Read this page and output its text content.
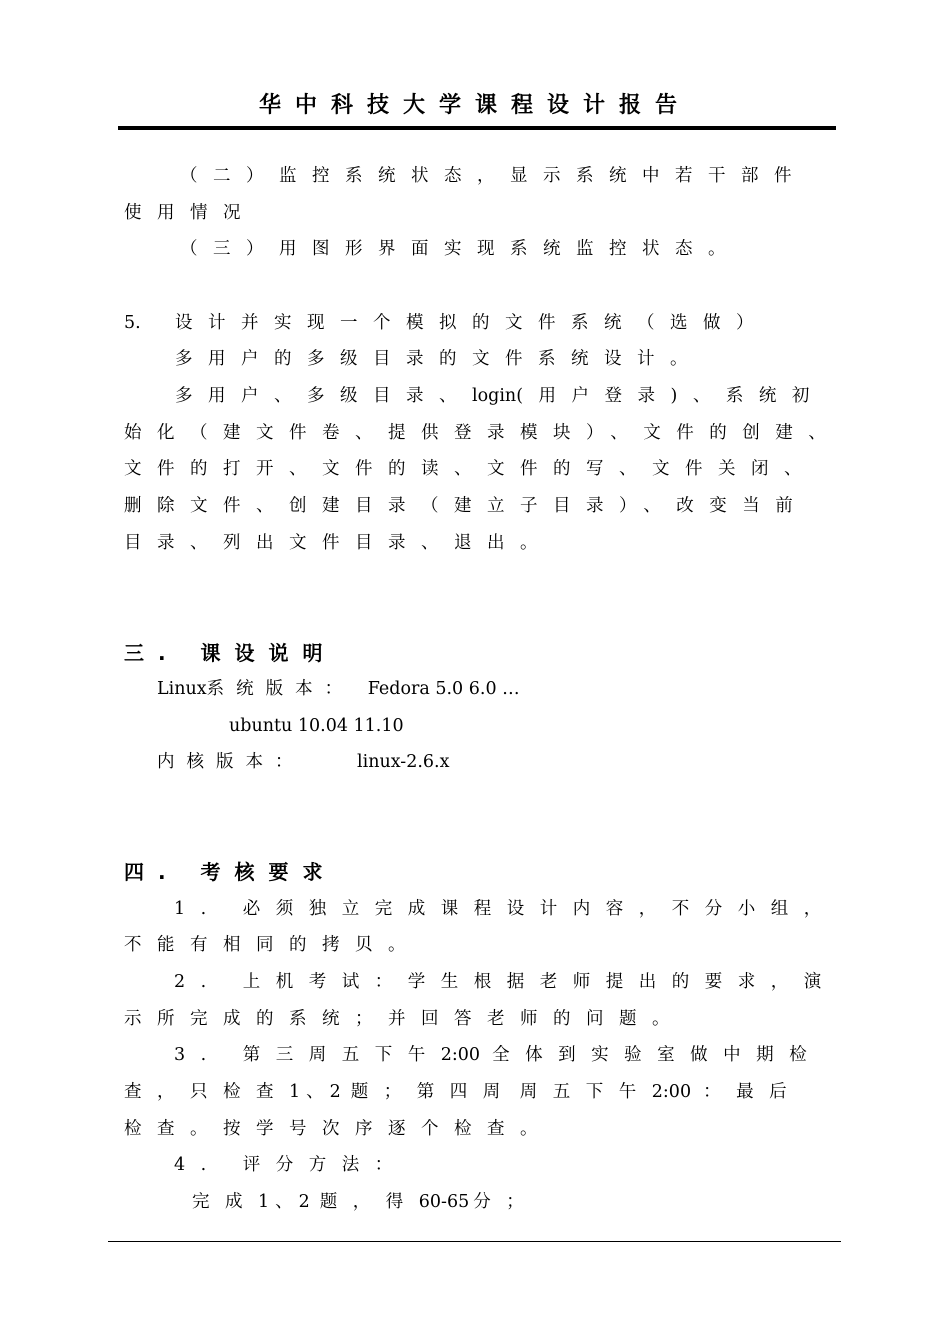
华中科技大学课程设计报告
（二）监控系统状态，显示系统中若干部件
使用情况
（三）用图形界面实现系统监控状态。
5. 设计并实现一个模拟的文件系统（选做）
多用户的多级目录的文件系统设计。
多用户、多级目录、login(用户登录)、系统初
始化（建文件卷、提供登录模块）、文件的创建、
文件的打开、文件的读、文件的写、文件关闭、
删除文件、创建目录（建立子目录）、改变当前
目录、列出文件目录、退出。
三. 课设说明
Linux系统版本： Fedora 5.0 6.0 …
ubuntu 10.04 11.10
内核版本：	linux-2.6.x
四. 考核要求
1. 必须独立完成课程设计内容，不分小组，
不能有相同的拷贝。
2. 上机考试：学生根据老师提出的要求，演
示所完成的系统；并回答老师的问题。
3. 第三周五下午2:00 全体到实验室做中期检
查，只检查1、2 题；第四周 周五下午2:00 ：最后
检查。按学号次序逐个检查。
4. 评分方法：
完成1、2 题，得60-65 分；
